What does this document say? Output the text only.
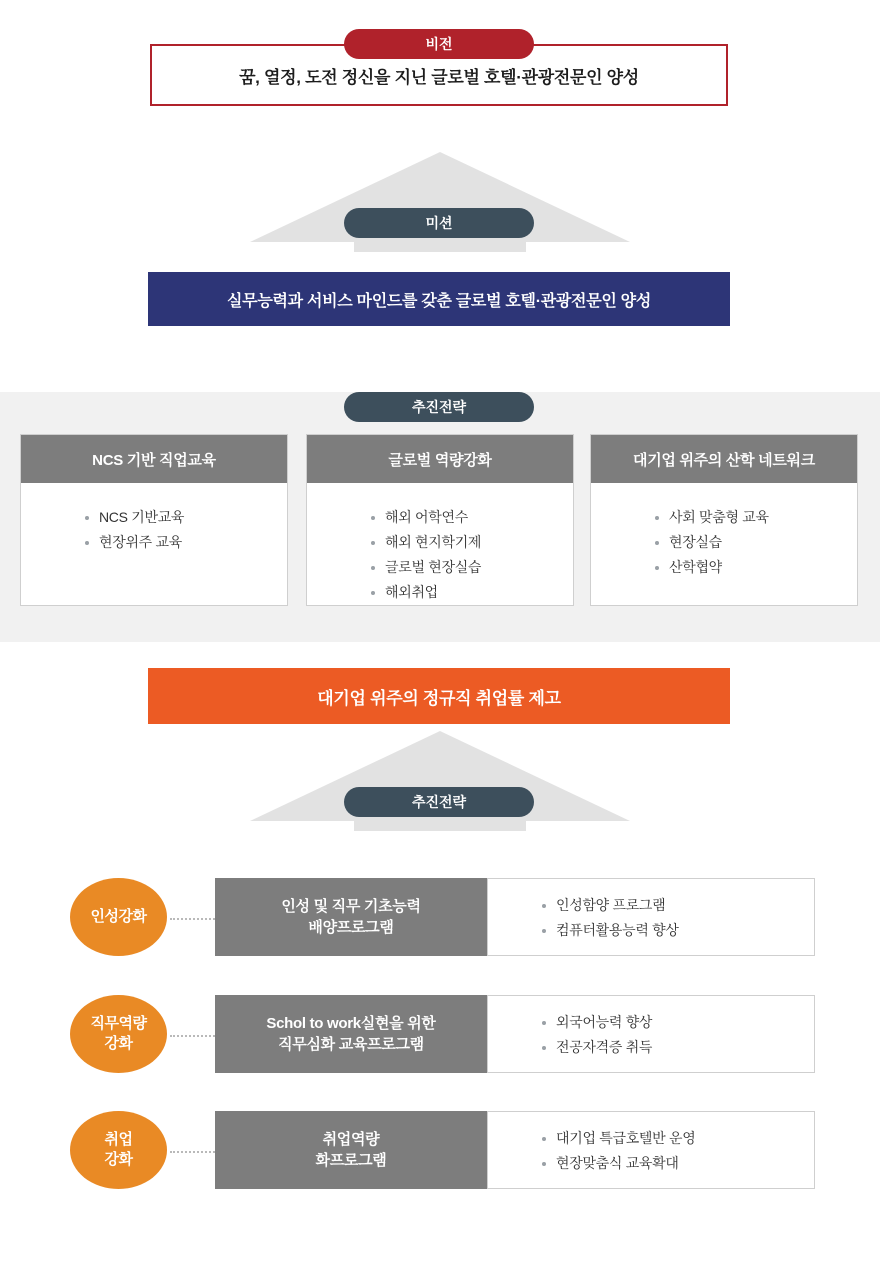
꿈, 열정, 도전 정신을 지닌 글로벌 호텔·관광전문인 양성
비전
미션
실무능력과 서비스 마인드를 갖춘 글로벌 호텔·관광전문인 양성
추진전략
NCS 기반 직업교육
NCS 기반교육
현장위주 교육
글로벌 역량강화
해외 어학연수
해외 현지학기제
글로벌 현장실습
해외취업
대기업 위주의 산학 네트워크
사회 맞춤형 교육
현장실습
산학협약
대기업 위주의 정규직 취업률 제고
추진전략
인성강화
인성 및 직무 기초능력
배양프로그램
인성함양 프로그램
컴퓨터활용능력 향상
직무역량
강화
Schol to work실현을 위한
직무심화 교육프로그램
외국어능력 향상
전공자격증 취득
취업
강화
취업역량
화프로그램
대기업 특급호텔반 운영
현장맞춤식 교육확대
